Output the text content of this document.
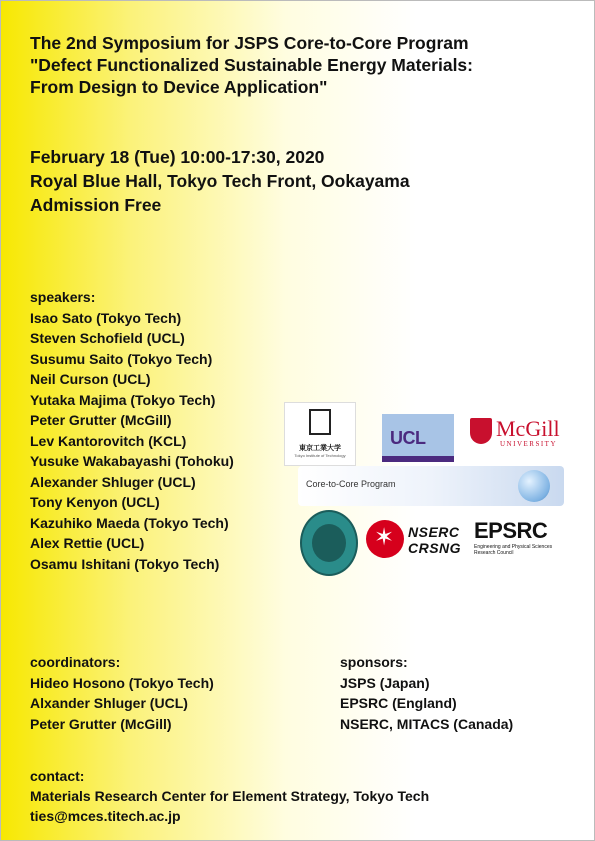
The 2nd Symposium for JSPS Core-to-Core Program
"Defect Functionalized Sustainable Energy Materials:
From Design to Device Application"
February 18 (Tue) 10:00-17:30, 2020
Royal Blue Hall, Tokyo Tech Front, Ookayama
Admission Free
speakers:
Isao Sato (Tokyo Tech)
Steven Schofield (UCL)
Susumu Saito (Tokyo Tech)
Neil Curson (UCL)
Yutaka Majima (Tokyo Tech)
Peter Grutter (McGill)
Lev Kantorovitch (KCL)
Yusuke Wakabayashi (Tohoku)
Alexander Shluger (UCL)
Tony Kenyon (UCL)
Kazuhiko Maeda (Tokyo Tech)
Alex Rettie (UCL)
Osamu Ishitani (Tokyo Tech)
東京工業大学
Tokyo Institute of Technology
UCL	McGill
UNIVERSITY
Core-to-Core Program
✶
NSERC
CRSNG
EPSRC
Engineering and Physical Sciences Research Council
coordinators:
Hideo Hosono (Tokyo Tech)
Alxander Shluger (UCL)
Peter Grutter (McGill)
sponsors:
JSPS (Japan)
EPSRC (England)
NSERC, MITACS (Canada)
contact:
Materials Research Center for Element Strategy, Tokyo Tech
ties@mces.titech.ac.jp
